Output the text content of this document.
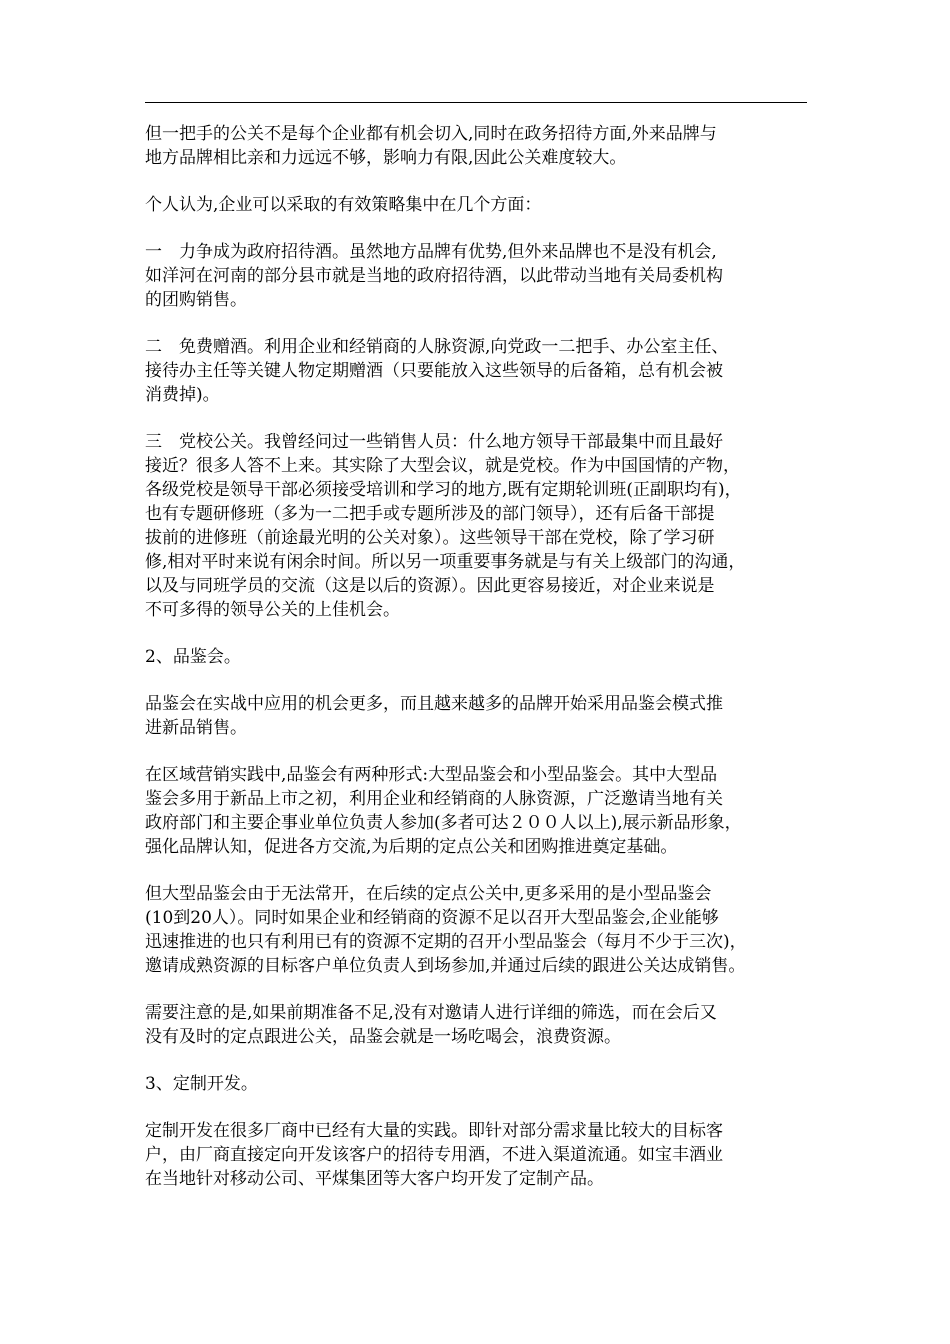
但一把手的公关不是每个企业都有机会切入,同时在政务招待方面,外来品牌与
地方品牌相比亲和力远远不够，影响力有限,因此公关难度较大。

个人认为,企业可以采取的有效策略集中在几个方面：

一　力争成为政府招待酒。虽然地方品牌有优势,但外来品牌也不是没有机会,
如洋河在河南的部分县市就是当地的政府招待酒，以此带动当地有关局委机构
的团购销售。

二　免费赠酒。利用企业和经销商的人脉资源,向党政一二把手、办公室主任、
接待办主任等关键人物定期赠酒（只要能放入这些领导的后备箱，总有机会被
消费掉)。

三　党校公关。我曾经问过一些销售人员：什么地方领导干部最集中而且最好
接近？很多人答不上来。其实除了大型会议，就是党校。作为中国国情的产物，
各级党校是领导干部必须接受培训和学习的地方,既有定期轮训班(正副职均有)，
也有专题研修班（多为一二把手或专题所涉及的部门领导），还有后备干部提
拔前的进修班（前途最光明的公关对象）。这些领导干部在党校，除了学习研
修,相对平时来说有闲余时间。所以另一项重要事务就是与有关上级部门的沟通，
以及与同班学员的交流（这是以后的资源）。因此更容易接近，对企业来说是
不可多得的领导公关的上佳机会。

2、品鉴会。

品鉴会在实战中应用的机会更多，而且越来越多的品牌开始采用品鉴会模式推
进新品销售。

在区域营销实践中,品鉴会有两种形式:大型品鉴会和小型品鉴会。其中大型品
鉴会多用于新品上市之初，利用企业和经销商的人脉资源，广泛邀请当地有关
政府部门和主要企事业单位负责人参加(多者可达２００人以上),展示新品形象，
强化品牌认知，促进各方交流,为后期的定点公关和团购推进奠定基础。

但大型品鉴会由于无法常开，在后续的定点公关中,更多采用的是小型品鉴会
(10到20人）。同时如果企业和经销商的资源不足以召开大型品鉴会,企业能够
迅速推进的也只有利用已有的资源不定期的召开小型品鉴会（每月不少于三次)，
邀请成熟资源的目标客户单位负责人到场参加,并通过后续的跟进公关达成销售。

需要注意的是,如果前期准备不足,没有对邀请人进行详细的筛选，而在会后又
没有及时的定点跟进公关，品鉴会就是一场吃喝会，浪费资源。

3、定制开发。

定制开发在很多厂商中已经有大量的实践。即针对部分需求量比较大的目标客
户，由厂商直接定向开发该客户的招待专用酒，不进入渠道流通。如宝丰酒业
在当地针对移动公司、平煤集团等大客户均开发了定制产品。
